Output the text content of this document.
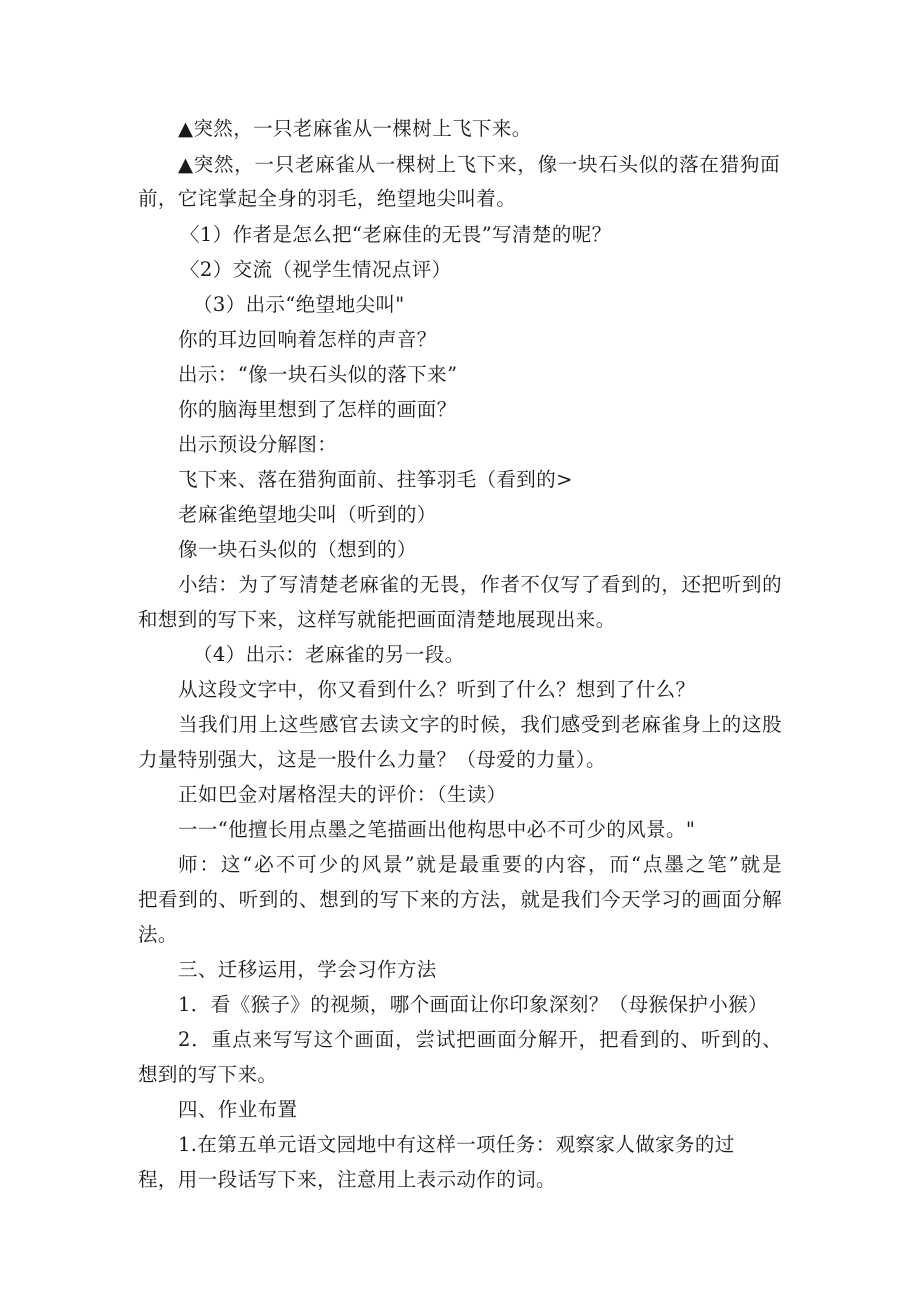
▲突然，一只老麻雀从一棵树上飞下来。
▲突然，一只老麻雀从一棵树上飞下来，像一块石头似的落在猎狗面
前，它诧掌起全身的羽毛，绝望地尖叫着。
〈1）作者是怎么把“老麻佳的无畏”写清楚的呢？
〈2）交流（视学生情况点评）
（3）出示“绝望地尖叫"
你的耳边回响着怎样的声音？
出示：“像一块石头似的落下来”
你的脑海里想到了怎样的画面？
出示预设分解图：
飞下来、落在猎狗面前、拄筝羽毛（看到的>
老麻雀绝望地尖叫（听到的）
像一块石头似的（想到的）
小结：为了写清楚老麻雀的无畏，作者不仅写了看到的，还把听到的
和想到的写下来，这样写就能把画面清楚地展现出来。
（4）出示：老麻雀的另一段。
从这段文字中，你又看到什么？听到了什么？想到了什么？
当我们用上这些感官去读文字的时候，我们感受到老麻雀身上的这股
力量特别强大，这是一股什么力量？（母爱的力量）。
正如巴金对屠格涅夫的评价：（生读）
一一“他擅长用点墨之笔描画出他构思中必不可少的风景。"
师：这“必不可少的风景”就是最重要的内容，而“点墨之笔”就是
把看到的、听到的、想到的写下来的方法，就是我们今天学习的画面分解
法。
三、迁移运用，学会习作方法
1．看《猴子》的视频，哪个画面让你印象深刻？（母猴保护小猴）
2．重点来写写这个画面，尝试把画面分解开，把看到的、听到的、
想到的写下来。
四、作业布置
1.在第五单元语文园地中有这样一项任务：观察家人做家务的过
程，用一段话写下来，注意用上表示动作的词。
